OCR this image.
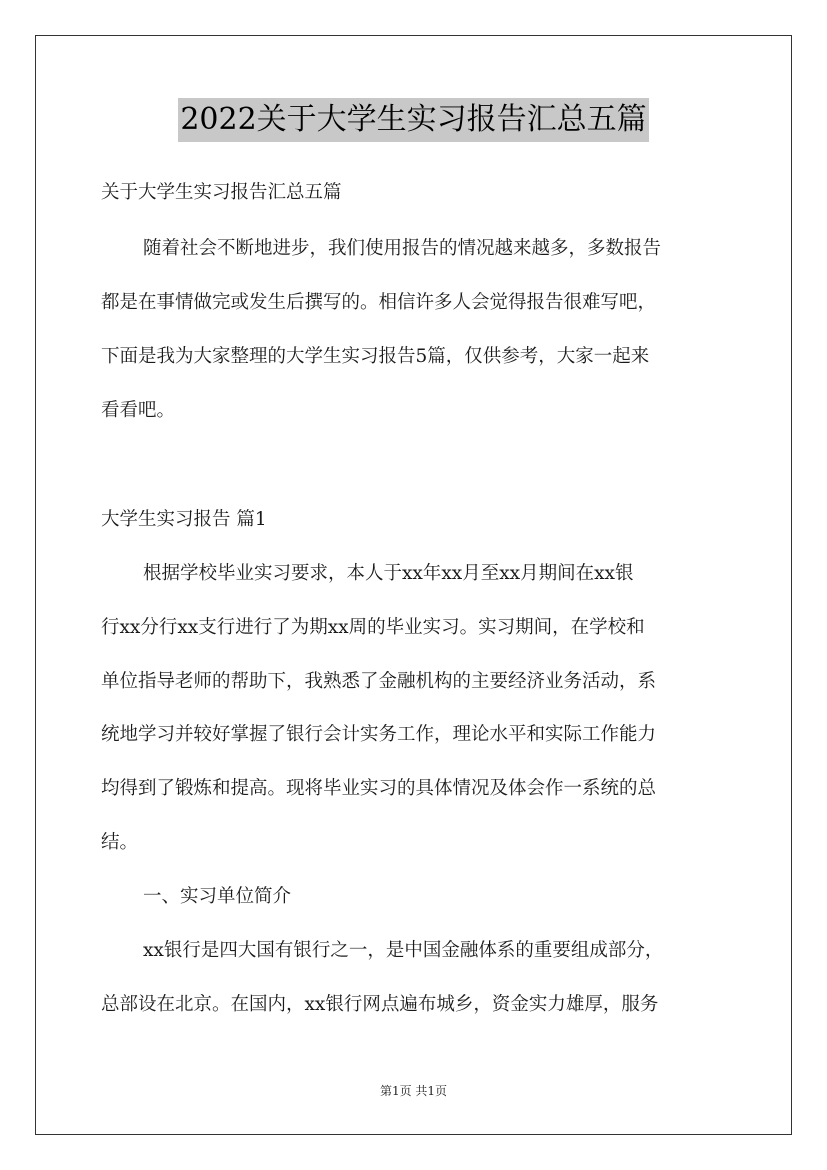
2022关于大学生实习报告汇总五篇
关于大学生实习报告汇总五篇
随着社会不断地进步，我们使用报告的情况越来越多，多数报告
都是在事情做完或发生后撰写的。相信许多人会觉得报告很难写吧，
下面是我为大家整理的大学生实习报告5篇，仅供参考，大家一起来
看看吧。
大学生实习报告 篇1
根据学校毕业实习要求，本人于xx年xx月至xx月期间在xx银
行xx分行xx支行进行了为期xx周的毕业实习。实习期间，在学校和
单位指导老师的帮助下，我熟悉了金融机构的主要经济业务活动，系
统地学习并较好掌握了银行会计实务工作，理论水平和实际工作能力
均得到了锻炼和提高。现将毕业实习的具体情况及体会作一系统的总
结。
一、实习单位简介
xx银行是四大国有银行之一，是中国金融体系的重要组成部分，
总部设在北京。在国内，xx银行网点遍布城乡，资金实力雄厚，服务
第1页 共1页
